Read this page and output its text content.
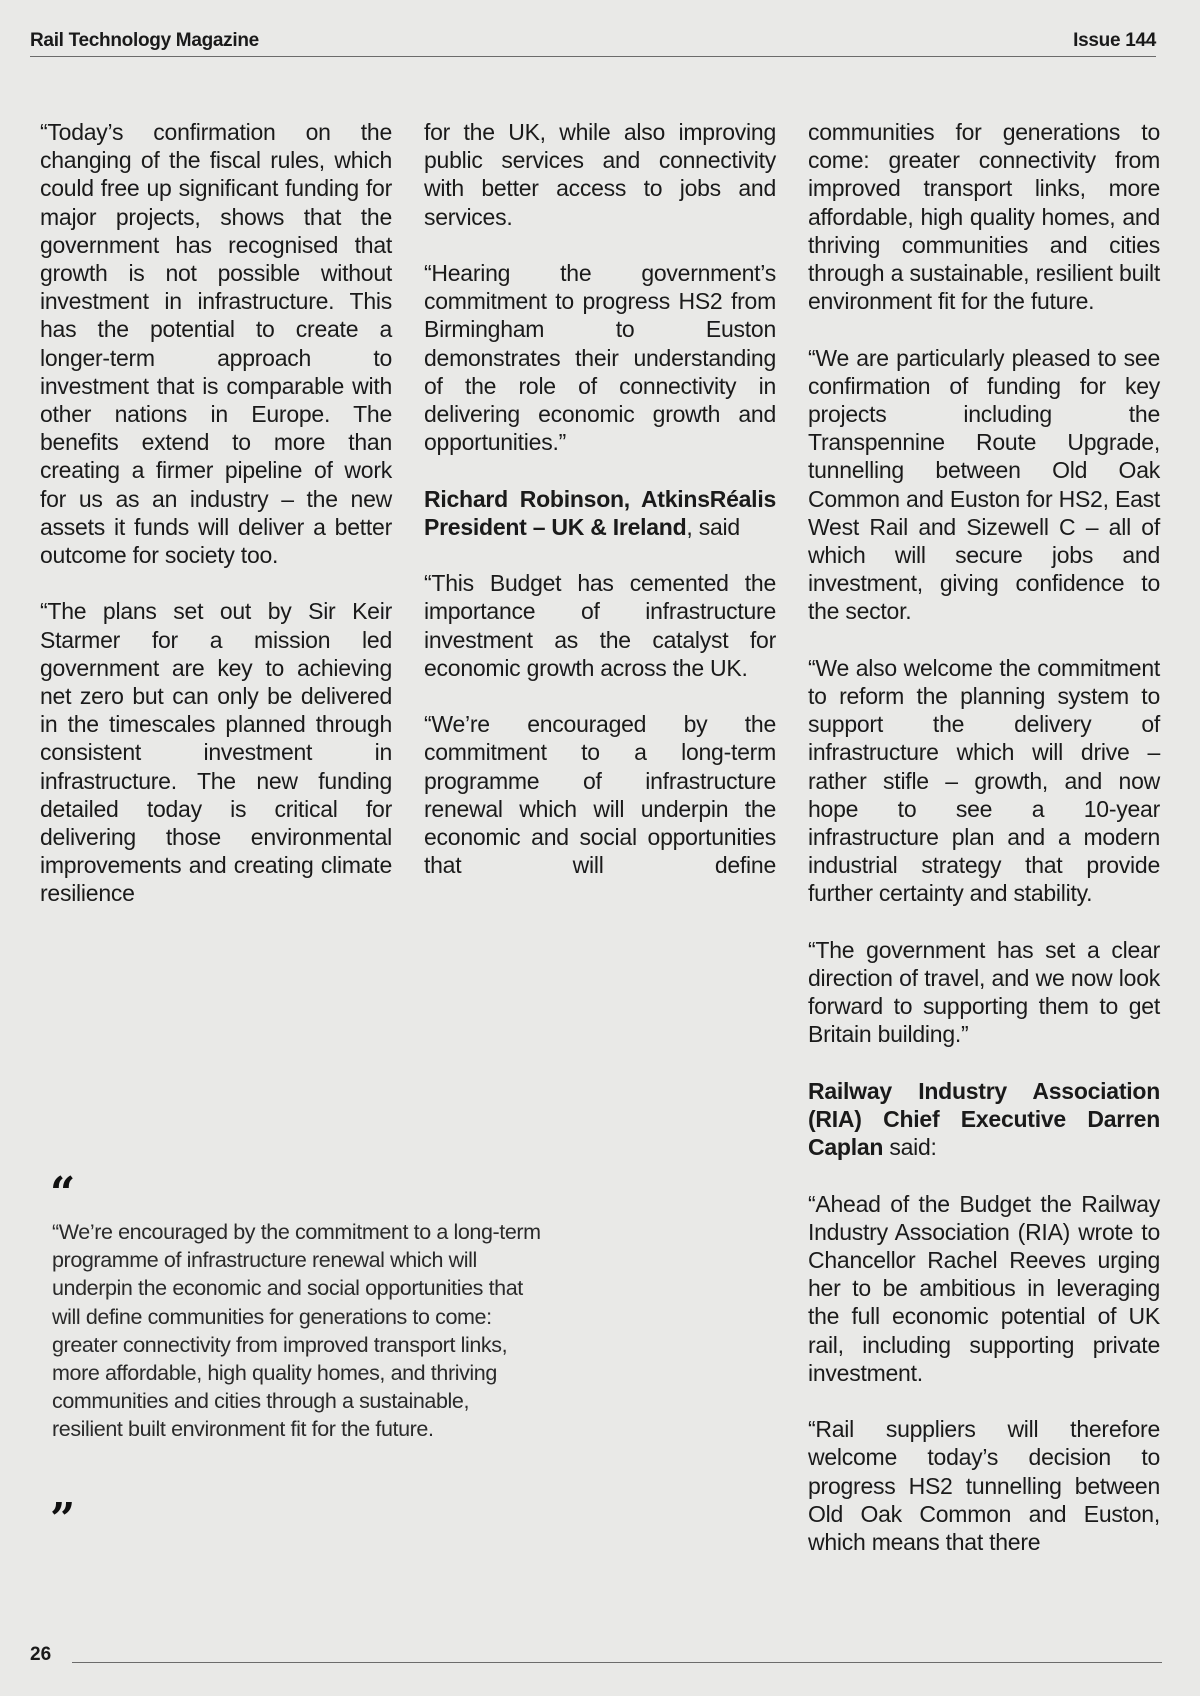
Rail Technology Magazine	Issue 144

“Today’s confirmation on the changing of the fiscal rules, which could free up significant funding for major projects, shows that the government has recognised that growth is not possible without investment in infrastructure. This has the potential to create a longer-term approach to investment that is comparable with other nations in Europe. The benefits extend to more than creating a firmer pipeline of work for us as an industry – the new assets it funds will deliver a better outcome for society too.

“The plans set out by Sir Keir Starmer for a mission led government are key to achieving net zero but can only be delivered in the timescales planned through consistent investment in infrastructure. The new funding detailed today is critical for delivering those environmental improvements and creating climate resilience

for the UK, while also improving public services and connectivity with better access to jobs and services.

“Hearing the government’s commitment to progress HS2 from Birmingham to Euston demonstrates their understanding of the role of connectivity in delivering economic growth and opportunities.”

Richard Robinson, AtkinsRéalis President – UK & Ireland, said

“This Budget has cemented the importance of infrastructure investment as the catalyst for economic growth across the UK.

“We’re encouraged by the commitment to a long-term programme of infrastructure renewal which will underpin the economic and social opportunities that will define

communities for generations to come: greater connectivity from improved transport links, more affordable, high quality homes, and thriving communities and cities through a sustainable, resilient built environment fit for the future.

“We are particularly pleased to see confirmation of funding for key projects including the Transpennine Route Upgrade, tunnelling between Old Oak Common and Euston for HS2, East West Rail and Sizewell C – all of which will secure jobs and investment, giving confidence to the sector.

“We also welcome the commitment to reform the planning system to support the delivery of infrastructure which will drive – rather stifle – growth, and now hope to see a 10-year infrastructure plan and a modern industrial strategy that provide further certainty and stability.

“The government has set a clear direction of travel, and we now look forward to supporting them to get Britain building.”

Railway Industry Association (RIA) Chief Executive Darren Caplan said:

“Ahead of the Budget the Railway Industry Association (RIA) wrote to Chancellor Rachel Reeves urging her to be ambitious in leveraging the full economic potential of UK rail, including supporting private investment.

“Rail suppliers will therefore welcome today’s decision to progress HS2 tunnelling between Old Oak Common and Euston, which means that there

“
“We’re encouraged by the commitment to a long-term programme of infrastructure renewal which will underpin the economic and social opportunities that will define communities for generations to come: greater connectivity from improved transport links, more affordable, high quality homes, and thriving communities and cities through a sustainable, resilient built environment fit for the future.
”
26
